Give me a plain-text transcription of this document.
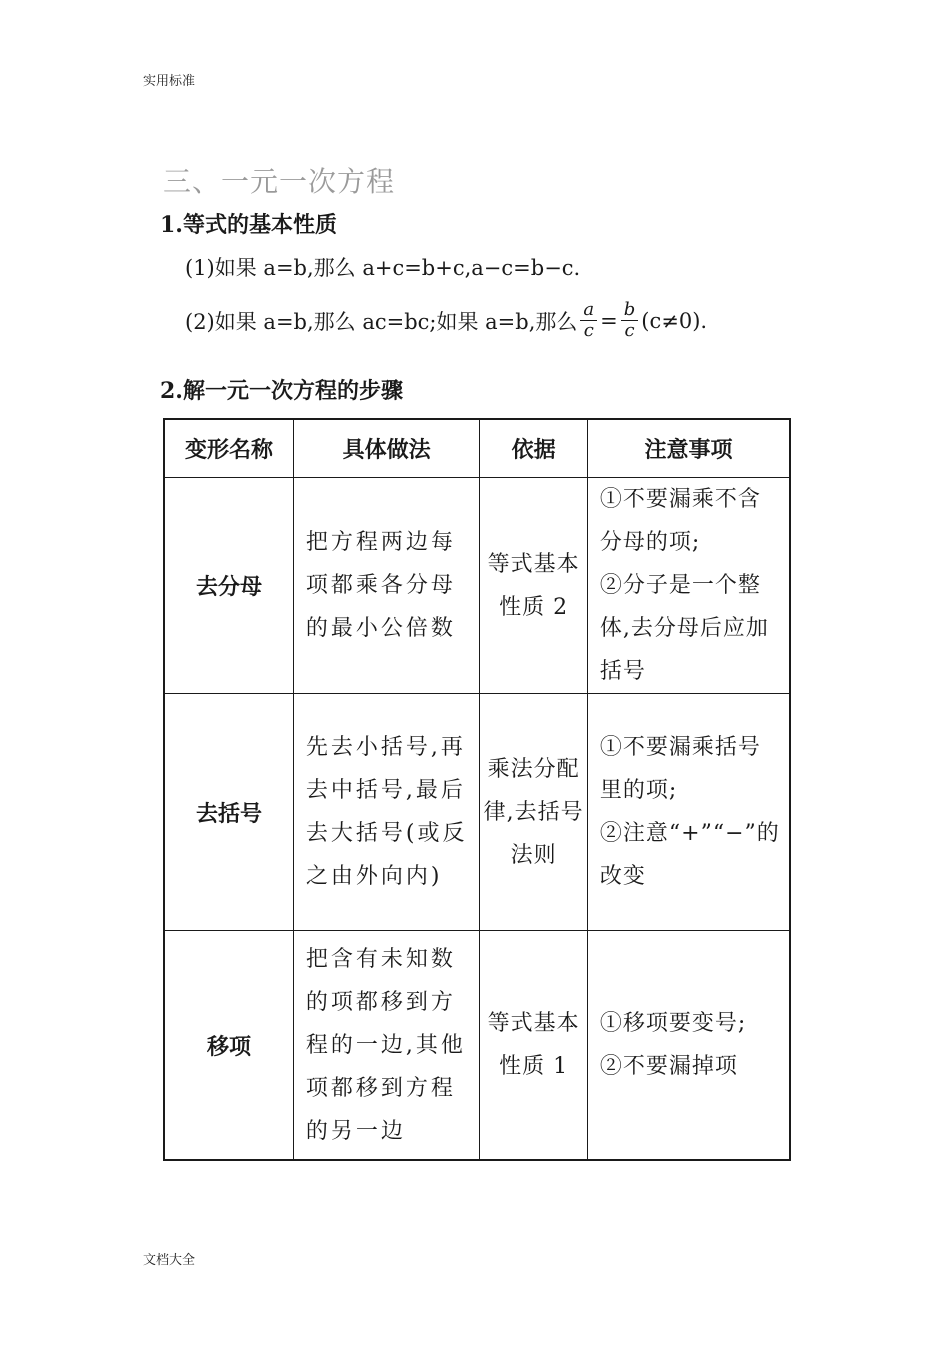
实用标准
三、一元一次方程
1.等式的基本性质
(1)如果 a=b,那么 a+c=b+c,a−c=b−c.
(2)如果 a=b,那么 ac=bc;如果 a=b,那么 $\frac{a}{c} = \frac{b}{c} (c\ne 0)$.
2.解一元一次方程的步骤
变形名称	具体做法	依据	注意事项
去分母	把方程两边每项都乘各分母的最小公倍数	等式基本性质 2	①不要漏乘不含分母的项;
②分子是一个整体,去分母后应加括号

去括号	先去小括号,再去中括号,最后去大括号(或反之由外向内)	乘法分配律,去括号法则	①不要漏乘括号里的项;
②注意“+”“−”的改变

移项	把含有未知数的项都移到方程的一边,其他项都移到方程的另一边	等式基本性质 1	①移项要变号;
②不要漏掉项
文档大全
